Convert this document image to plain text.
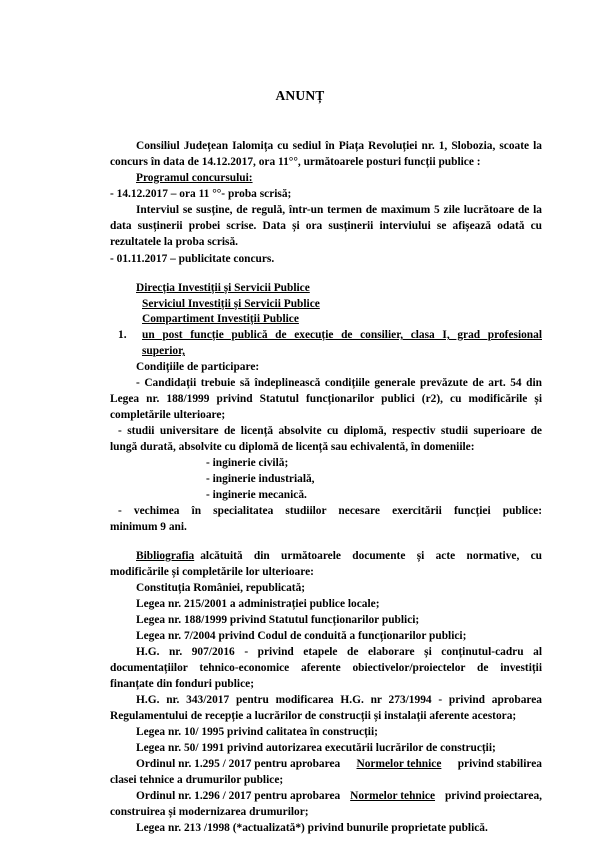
ANUNȚ
Consiliul Județean Ialomița cu sediul în Piața Revoluției nr. 1, Slobozia, scoate la
concurs în data de 14.12.2017, ora 11°°, următoarele posturi funcții publice :
Programul concursului:
- 14.12.2017 – ora 11 °°- proba scrisă;
Interviul se susține, de regulă, într-un termen de maximum 5 zile lucrătoare de la
data susținerii probei scrise. Data și ora susținerii interviului se afișează odată cu
rezultatele la proba scrisă.
- 01.11.2017 – publicitate concurs.
Direcția Investiții și Servicii Publice
Serviciul Investiții și Servicii Publice
Compartiment Investiții Publice
1. un post funcție publică de execuție de consilier, clasa I, grad profesional
superior,
Condițiile de participare:
- Candidații trebuie să îndeplinească condițiile generale prevăzute de art. 54 din
Legea nr. 188/1999 privind Statutul funcționarilor publici (r2), cu modificările și
completările ulterioare;
- studii universitare de licență absolvite cu diplomă, respectiv studii superioare de
lungă durată, absolvite cu diplomă de licență sau echivalentă, în domeniile:
- inginerie civilă;
- inginerie industrială,
- inginerie mecanică.
- vechimea în specialitatea studiilor necesare exercitării funcției publice:
minimum 9 ani.
Bibliografia alcătuită din următoarele documente și acte normative, cu
modificările și completările lor ulterioare:
Constituția României, republicată;
Legea nr. 215/2001 a administrației publice locale;
Legea nr. 188/1999 privind Statutul funcționarilor publici;
Legea nr. 7/2004 privind Codul de conduită a funcționarilor publici;
H.G. nr. 907/2016 - privind etapele de elaborare și conținutul-cadru al
documentațiilor tehnico-economice aferente obiectivelor/proiectelor de investiții
finanțate din fonduri publice;
H.G. nr. 343/2017 pentru modificarea H.G. nr 273/1994 - privind aprobarea
Regulamentului de recepție a lucrărilor de construcții și instalații aferente acestora;
Legea nr. 10/ 1995 privind calitatea în construcții;
Legea nr. 50/ 1991 privind autorizarea executării lucrărilor de construcții;
Ordinul nr. 1.295 / 2017 pentru aprobarea Normelor tehnice privind stabilirea
clasei tehnice a drumurilor publice;
Ordinul nr. 1.296 / 2017 pentru aprobarea Normelor tehnice privind proiectarea,
construirea și modernizarea drumurilor;
Legea nr. 213 /1998 (*actualizată*) privind bunurile proprietate publică.
